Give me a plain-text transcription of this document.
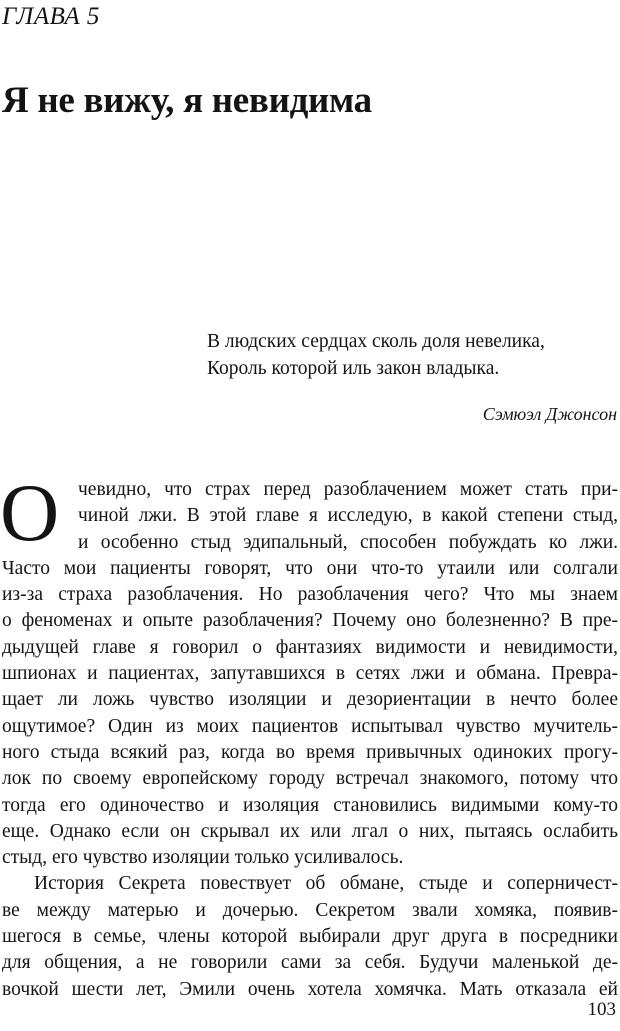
ГЛАВА 5
Я не вижу, я невидима
В людских сердцах сколь доля невелика,
Король которой иль закон владыка.
Сэмюэл Джонсон
О чевидно, что страх перед разоблачением может стать при-
чиной лжи. В этой главе я исследую, в какой степени стыд,
и особенно стыд эдипальный, способен побуждать ко лжи.
Часто мои пациенты говорят, что они что-то утаили или солгали
из-за страха разоблачения. Но разоблачения чего? Что мы знаем
о феноменах и опыте разоблачения? Почему оно болезненно? В пре-
дыдущей главе я говорил о фантазиях видимости и невидимости,
шпионах и пациентах, запутавшихся в сетях лжи и обмана. Превра-
щает ли ложь чувство изоляции и дезориентации в нечто более
ощутимое? Один из моих пациентов испытывал чувство мучитель-
ного стыда всякий раз, когда во время привычных одиноких прогу-
лок по своему европейскому городу встречал знакомого, потому что
тогда его одиночество и изоляция становились видимыми кому-то
еще. Однако если он скрывал их или лгал о них, пытаясь ослабить
стыд, его чувство изоляции только усиливалось.
История Секрета повествует об обмане, стыде и соперничест-
ве между матерью и дочерью. Секретом звали хомяка, появив-
шегося в семье, члены которой выбирали друг друга в посредники
для общения, а не говорили сами за себя. Будучи маленькой де-
вочкой шести лет, Эмили очень хотела хомячка. Мать отказала ей
103
